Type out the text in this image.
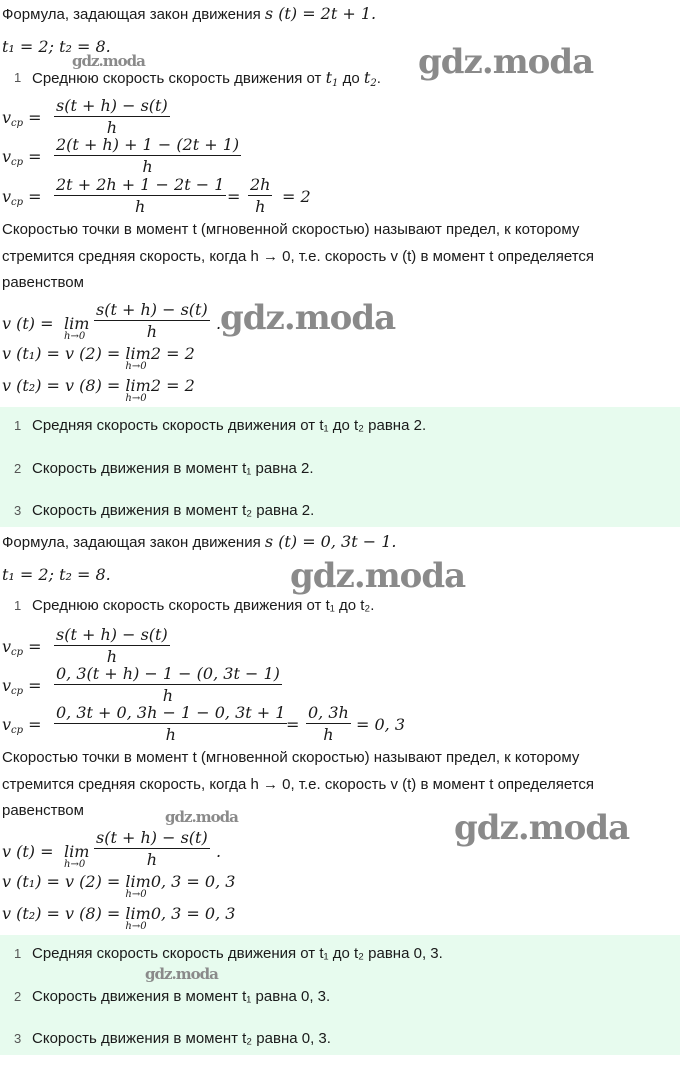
Формула, задающая закон движения s (t) = 2t + 1.
t₁ = 2; t₂ = 8.
1 Среднюю скорость скорость движения от $t_1$ до $t_2$.
$v_{cp}$ =
s(t + h) − s(t)
h
$v_{cp}$ =
2(t + h) + 1 − (2t + 1)
h
$v_{cp}$ =
2t + 2h + 1 − 2t − 1
h
=
2h
h
= 2
Скоростью точки в момент t (мгновенной скоростью) называют предел, к которому
стремится средняя скорость, когда h → 0, т.е. скорость v (t) в момент t определяется
равенством
v (t) = lim
h→0
s(t + h) − s(t)
h	.
v (t₁) = v (2) = lim
h→0
2 = 2
v (t₂) = v (8) = lim
h→0
2 = 2
1 Средняя скорость скорость движения от t₁ до t₂ равна 2.
2 Скорость движения в момент t₁ равна 2.
3 Скорость движения в момент t₂ равна 2.
Формула, задающая закон движения s (t) = 0, 3t − 1.
t₁ = 2; t₂ = 8.
1 Среднюю скорость скорость движения от t₁ до t₂.
$v_{cp}$ =
s(t + h) − s(t)
h
$v_{cp}$ =
0, 3(t + h) − 1 − (0, 3t − 1)
h
$v_{cp}$ =
0, 3t + 0, 3h − 1 − 0, 3t + 1
h
=
0, 3h
h
= 0, 3
Скоростью точки в момент t (мгновенной скоростью) называют предел, к которому
стремится средняя скорость, когда h → 0, т.е. скорость v (t) в момент t определяется
равенством
v (t) = lim
h→0
s(t + h) − s(t)
h	.
v (t₁) = v (2) = lim
h→0
0, 3 = 0, 3
v (t₂) = v (8) = lim
h→0
0, 3 = 0, 3
1 Средняя скорость скорость движения от t₁ до t₂ равна 0, 3.
2 Скорость движения в момент t₁ равна 0, 3.
3 Скорость движения в момент t₂ равна 0, 3.
gdz.moda	gdz.moda
gdz.moda
gdz.moda
gdz.moda	gdz.moda
gdz.moda
